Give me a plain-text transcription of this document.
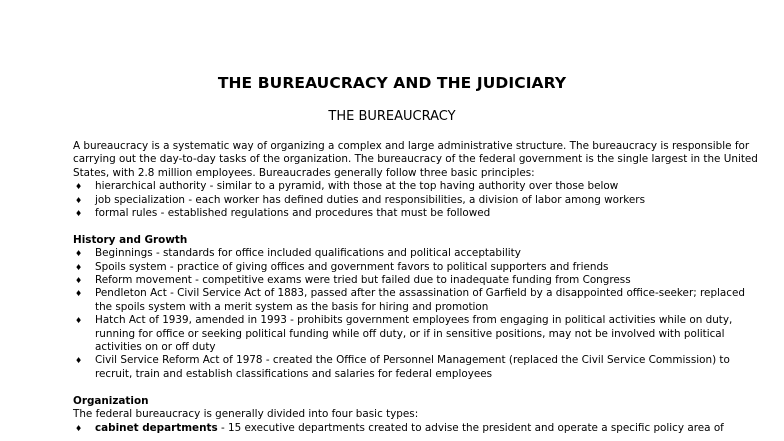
THE BUREAUCRACY AND THE JUDICIARY
THE BUREAUCRACY

A bureaucracy is a systematic way of organizing a complex and large administrative structure. The bureaucracy is responsible for carrying out the day-to-day tasks of the organization. The bureaucracy of the federal government is the single largest in the United States, with 2.8 million employees. Bureaucrades generally follow three basic principles:

♦ hierarchical authority - similar to a pyramid, with those at the top having authority over those below
♦ job specialization - each worker has defined duties and responsibilities, a division of labor among workers
♦ formal rules - established regulations and procedures that must be followed

History and Growth

♦ Beginnings - standards for office included qualifications and political acceptability
♦ Spoils system - practice of giving offices and government favors to political supporters and friends
♦ Reform movement - competitive exams were tried but failed due to inadequate funding from Congress
♦ Pendleton Act - Civil Service Act of 1883, passed after the assassination of Garfield by a disappointed office-seeker; replaced the spoils system with a merit system as the basis for hiring and promotion
♦ Hatch Act of 1939, amended in 1993 - prohibits government employees from engaging in political activities while on duty, running for office or seeking political funding while off duty, or if in sensitive positions, may not be involved with political activities on or off duty
♦ Civil Service Reform Act of 1978 - created the Office of Personnel Management (replaced the Civil Service Commission) to recruit, train and establish classifications and salaries for federal employees

Organization

The federal bureaucracy is generally divided into four basic types:

♦ cabinet departments - 15 executive departments created to advise the president and operate a specific policy area of
